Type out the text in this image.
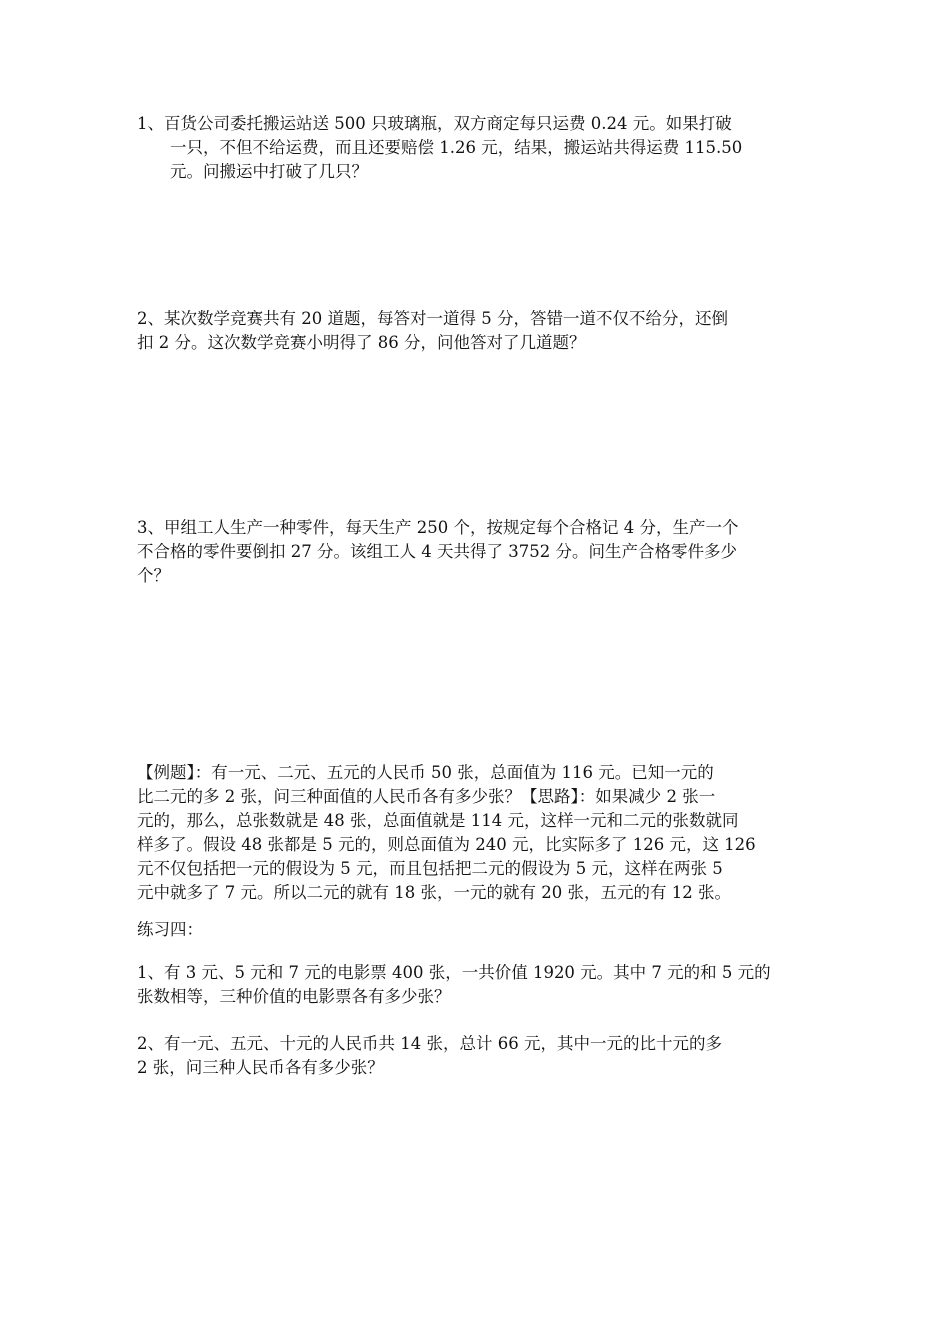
1、百货公司委托搬运站送 500 只玻璃瓶，双方商定每只运费 0.24 元。如果打破
一只，不但不给运费，而且还要赔偿 1.26 元，结果，搬运站共得运费 115.50
元。问搬运中打破了几只？
2、某次数学竞赛共有 20 道题，每答对一道得 5 分，答错一道不仅不给分，还倒
扣 2 分。这次数学竞赛小明得了 86 分，问他答对了几道题？
3、甲组工人生产一种零件，每天生产 250 个，按规定每个合格记 4 分，生产一个
不合格的零件要倒扣 27 分。该组工人 4 天共得了 3752 分。问生产合格零件多少
个？
【例题】：有一元、二元、五元的人民币 50 张，总面值为 116 元。已知一元的
比二元的多 2 张，问三种面值的人民币各有多少张？【思路】：如果减少 2 张一
元的，那么，总张数就是 48 张，总面值就是 114 元，这样一元和二元的张数就同
样多了。假设 48 张都是 5 元的，则总面值为 240 元，比实际多了 126 元，这 126
元不仅包括把一元的假设为 5 元，而且包括把二元的假设为 5 元，这样在两张 5
元中就多了 7 元。所以二元的就有 18 张，一元的就有 20 张，五元的有 12 张。
练习四：
1、有 3 元、5 元和 7 元的电影票 400 张，一共价值 1920 元。其中 7 元的和 5 元的
张数相等，三种价值的电影票各有多少张？
2、有一元、五元、十元的人民币共 14 张，总计 66 元，其中一元的比十元的多
2 张，问三种人民币各有多少张？
